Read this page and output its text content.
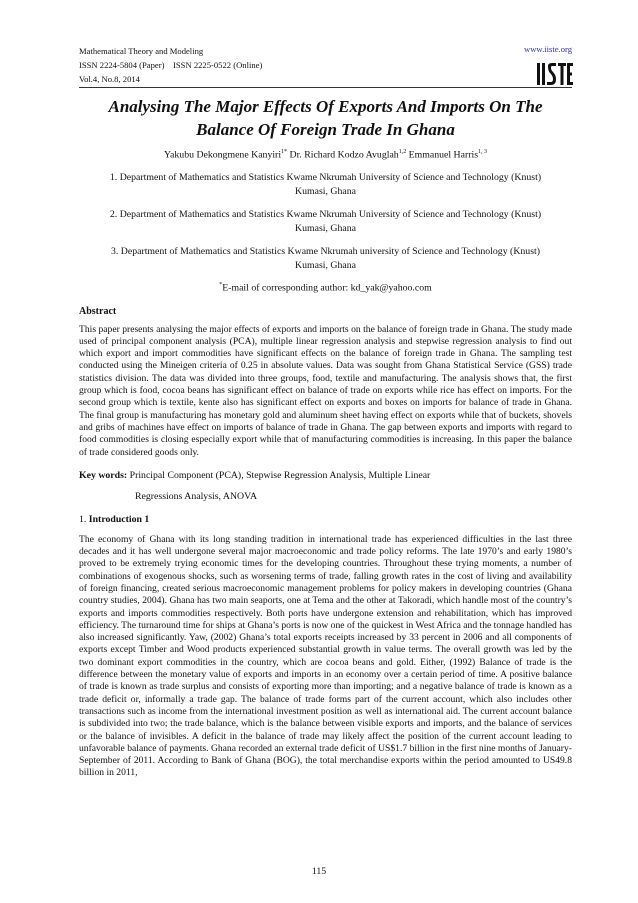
Mathematical Theory and Modeling
ISSN 2224-5804 (Paper)    ISSN 2225-0522 (Online)
Vol.4, No.8, 2014
www.iiste.org
Analysing The Major Effects Of Exports And Imports On The Balance Of Foreign Trade In Ghana
Yakubu Dekongmene Kanyiri$^{1*}$ Dr. Richard Kodzo Avuglah$^{1,2}$ Emmanuel Harris$^{1, 3}$
1. Department of Mathematics and Statistics Kwame Nkrumah University of Science and Technology (Knust)
Kumasi, Ghana
2. Department of Mathematics and Statistics Kwame Nkrumah University of Science and Technology (Knust)
Kumasi, Ghana
3. Department of Mathematics and Statistics Kwame Nkrumah university of Science and Technology (Knust)
Kumasi, Ghana
*E-mail of corresponding author: kd_yak@yahoo.com
Abstract

This paper presents analysing the major effects of exports and imports on the balance of foreign trade in Ghana. The study made used of principal component analysis (PCA), multiple linear regression analysis and stepwise regression analysis to find out which export and import commodities have significant effects on the balance of foreign trade in Ghana. The sampling test conducted using the Mineigen criteria of 0.25 in absolute values. Data was sought from Ghana Statistical Service (GSS) trade statistics division. The data was divided into three groups, food, textile and manufacturing. The analysis shows that, the first group which is food, cocoa beans has significant effect on balance of trade on exports while rice has effect on imports. For the second group which is textile, kente also has significant effect on exports and boxes on imports for balance of trade in Ghana. The final group is manufacturing has monetary gold and aluminum sheet having effect on exports while that of buckets, shovels and gribs of machines have effect on imports of balance of trade in Ghana. The gap between exports and imports with regard to food commodities is closing especially export while that of manufacturing commodities is increasing. In this paper the balance of trade considered goods only.

Key words: Principal Component (PCA), Stepwise Regression Analysis, Multiple Linear
Regressions Analysis, ANOVA
1. Introduction 1

The economy of Ghana with its long standing tradition in international trade has experienced difficulties in the last three decades and it has well undergone several major macroeconomic and trade policy reforms. The late 1970’s and early 1980’s proved to be extremely trying economic times for the developing countries. Throughout these trying moments, a number of combinations of exogenous shocks, such as worsening terms of trade, falling growth rates in the cost of living and availability of foreign financing, created serious macroeconomic management problems for policy makers in developing countries (Ghana country studies, 2004). Ghana has two main seaports, one at Tema and the other at Takoradi, which handle most of the country’s exports and imports commodities respectively. Both ports have undergone extension and rehabilitation, which has improved efficiency. The turnaround time for ships at Ghana’s ports is now one of the quickest in West Africa and the tonnage handled has also increased significantly. Yaw, (2002) Ghana’s total exports receipts increased by 33 percent in 2006 and all components of exports except Timber and Wood products experienced substantial growth in value terms. The overall growth was led by the two dominant export commodities in the country, which are cocoa beans and gold. Either, (1992) Balance of trade is the difference between the monetary value of exports and imports in an economy over a certain period of time. A positive balance of trade is known as trade surplus and consists of exporting more than importing; and a negative balance of trade is known as a trade deficit or, informally a trade gap. The balance of trade forms part of the current account, which also includes other transactions such as income from the international investment position as well as international aid. The current account balance is subdivided into two; the trade balance, which is the balance between visible exports and imports, and the balance of services or the balance of invisibles. A deficit in the balance of trade may likely affect the position of the current account leading to unfavorable balance of payments. Ghana recorded an external trade deficit of US$1.7 billion in the first nine months of January-September of 2011. According to Bank of Ghana (BOG), the total merchandise exports within the period amounted to US49.8 billion in 2011,

115
